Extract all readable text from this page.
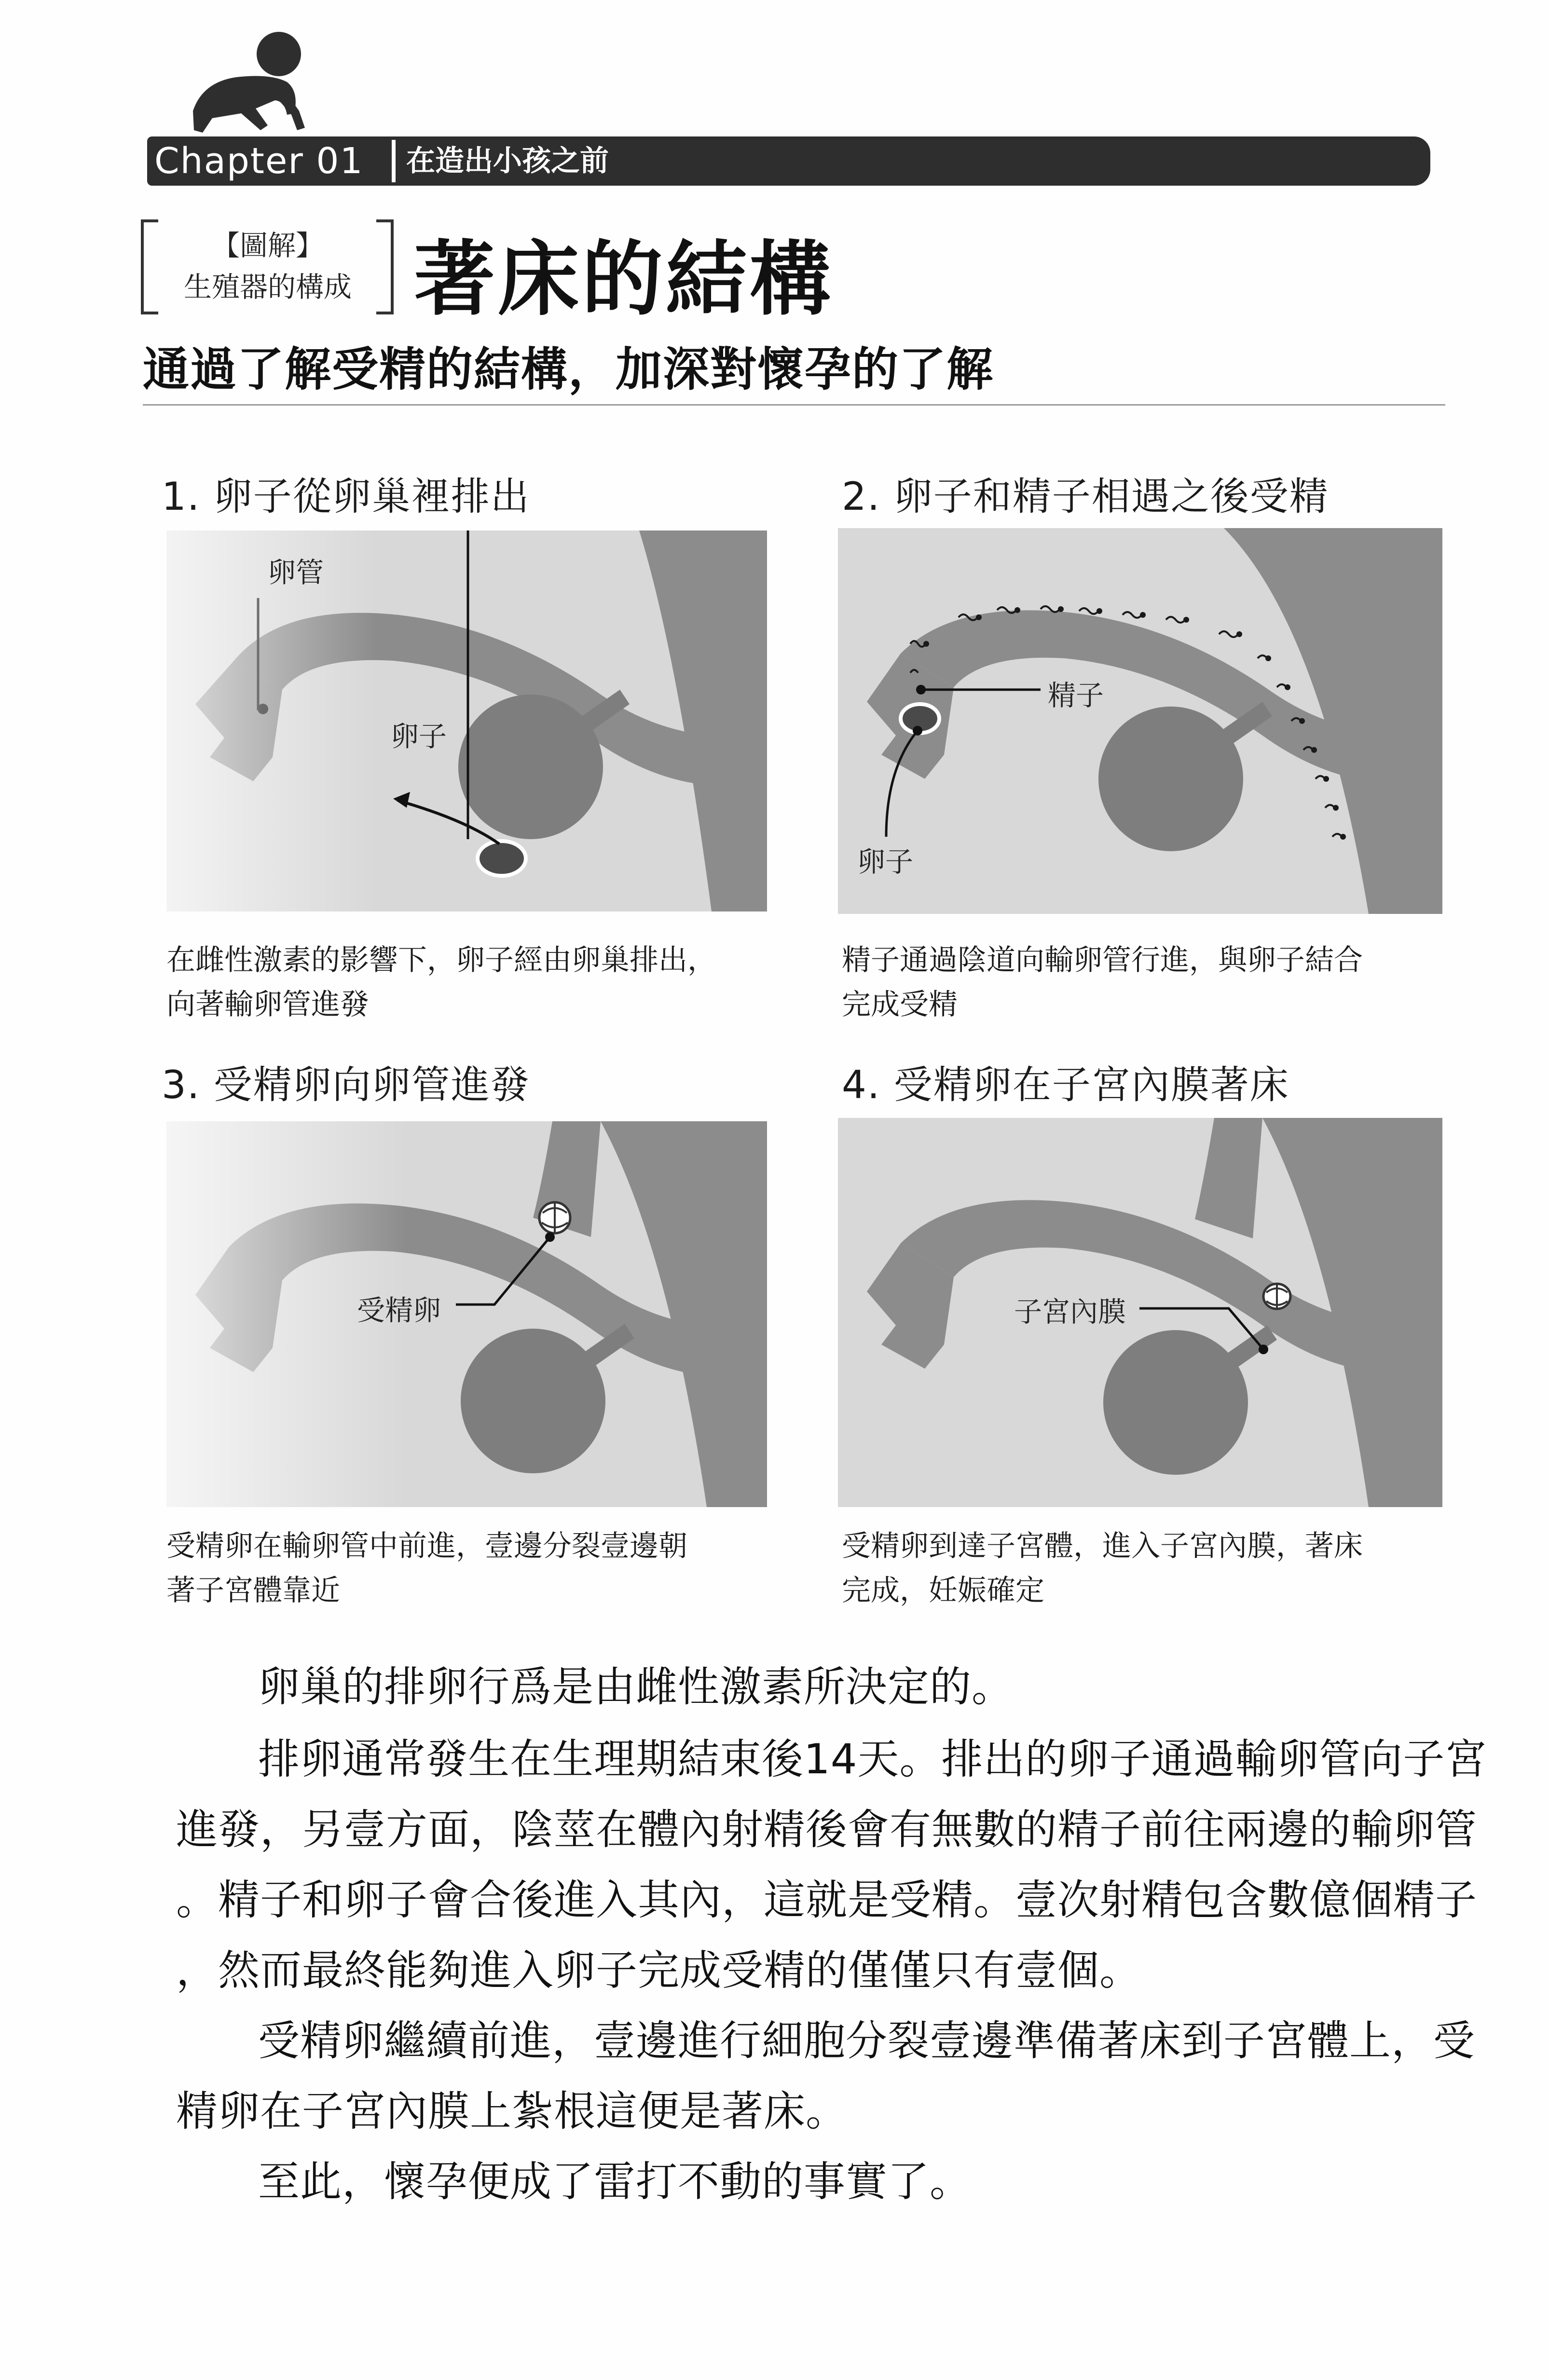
Chapter 01 在造出小孩之前
【圖解】
生殖器的構成 著床的結構
通過了解受精的結構，加深對懷孕的了解
1. 卵子從卵巢裡排出
卵管
卵子
在雌性激素的影響下，卵子經由卵巢排出，
向著輸卵管進發
2. 卵子和精子相遇之後受精
精子
卵子
精子通過陰道向輸卵管行進，與卵子結合
完成受精
3. 受精卵向卵管進發
受精卵
受精卵在輸卵管中前進，壹邊分裂壹邊朝
著子宮體靠近
4. 受精卵在子宮內膜著床
子宮內膜
受精卵到達子宮體，進入子宮內膜，著床
完成，妊娠確定
卵巢的排卵行爲是由雌性激素所決定的。
排卵通常發生在生理期結束後14天。排出的卵子通過輸卵管向子宮
進發，另壹方面，陰莖在體內射精後會有無數的精子前往兩邊的輸卵管
。精子和卵子會合後進入其內，這就是受精。壹次射精包含數億個精子
，然而最終能夠進入卵子完成受精的僅僅只有壹個。
受精卵繼續前進，壹邊進行細胞分裂壹邊準備著床到子宮體上，受
精卵在子宮內膜上紮根這便是著床。
至此，懷孕便成了雷打不動的事實了。
